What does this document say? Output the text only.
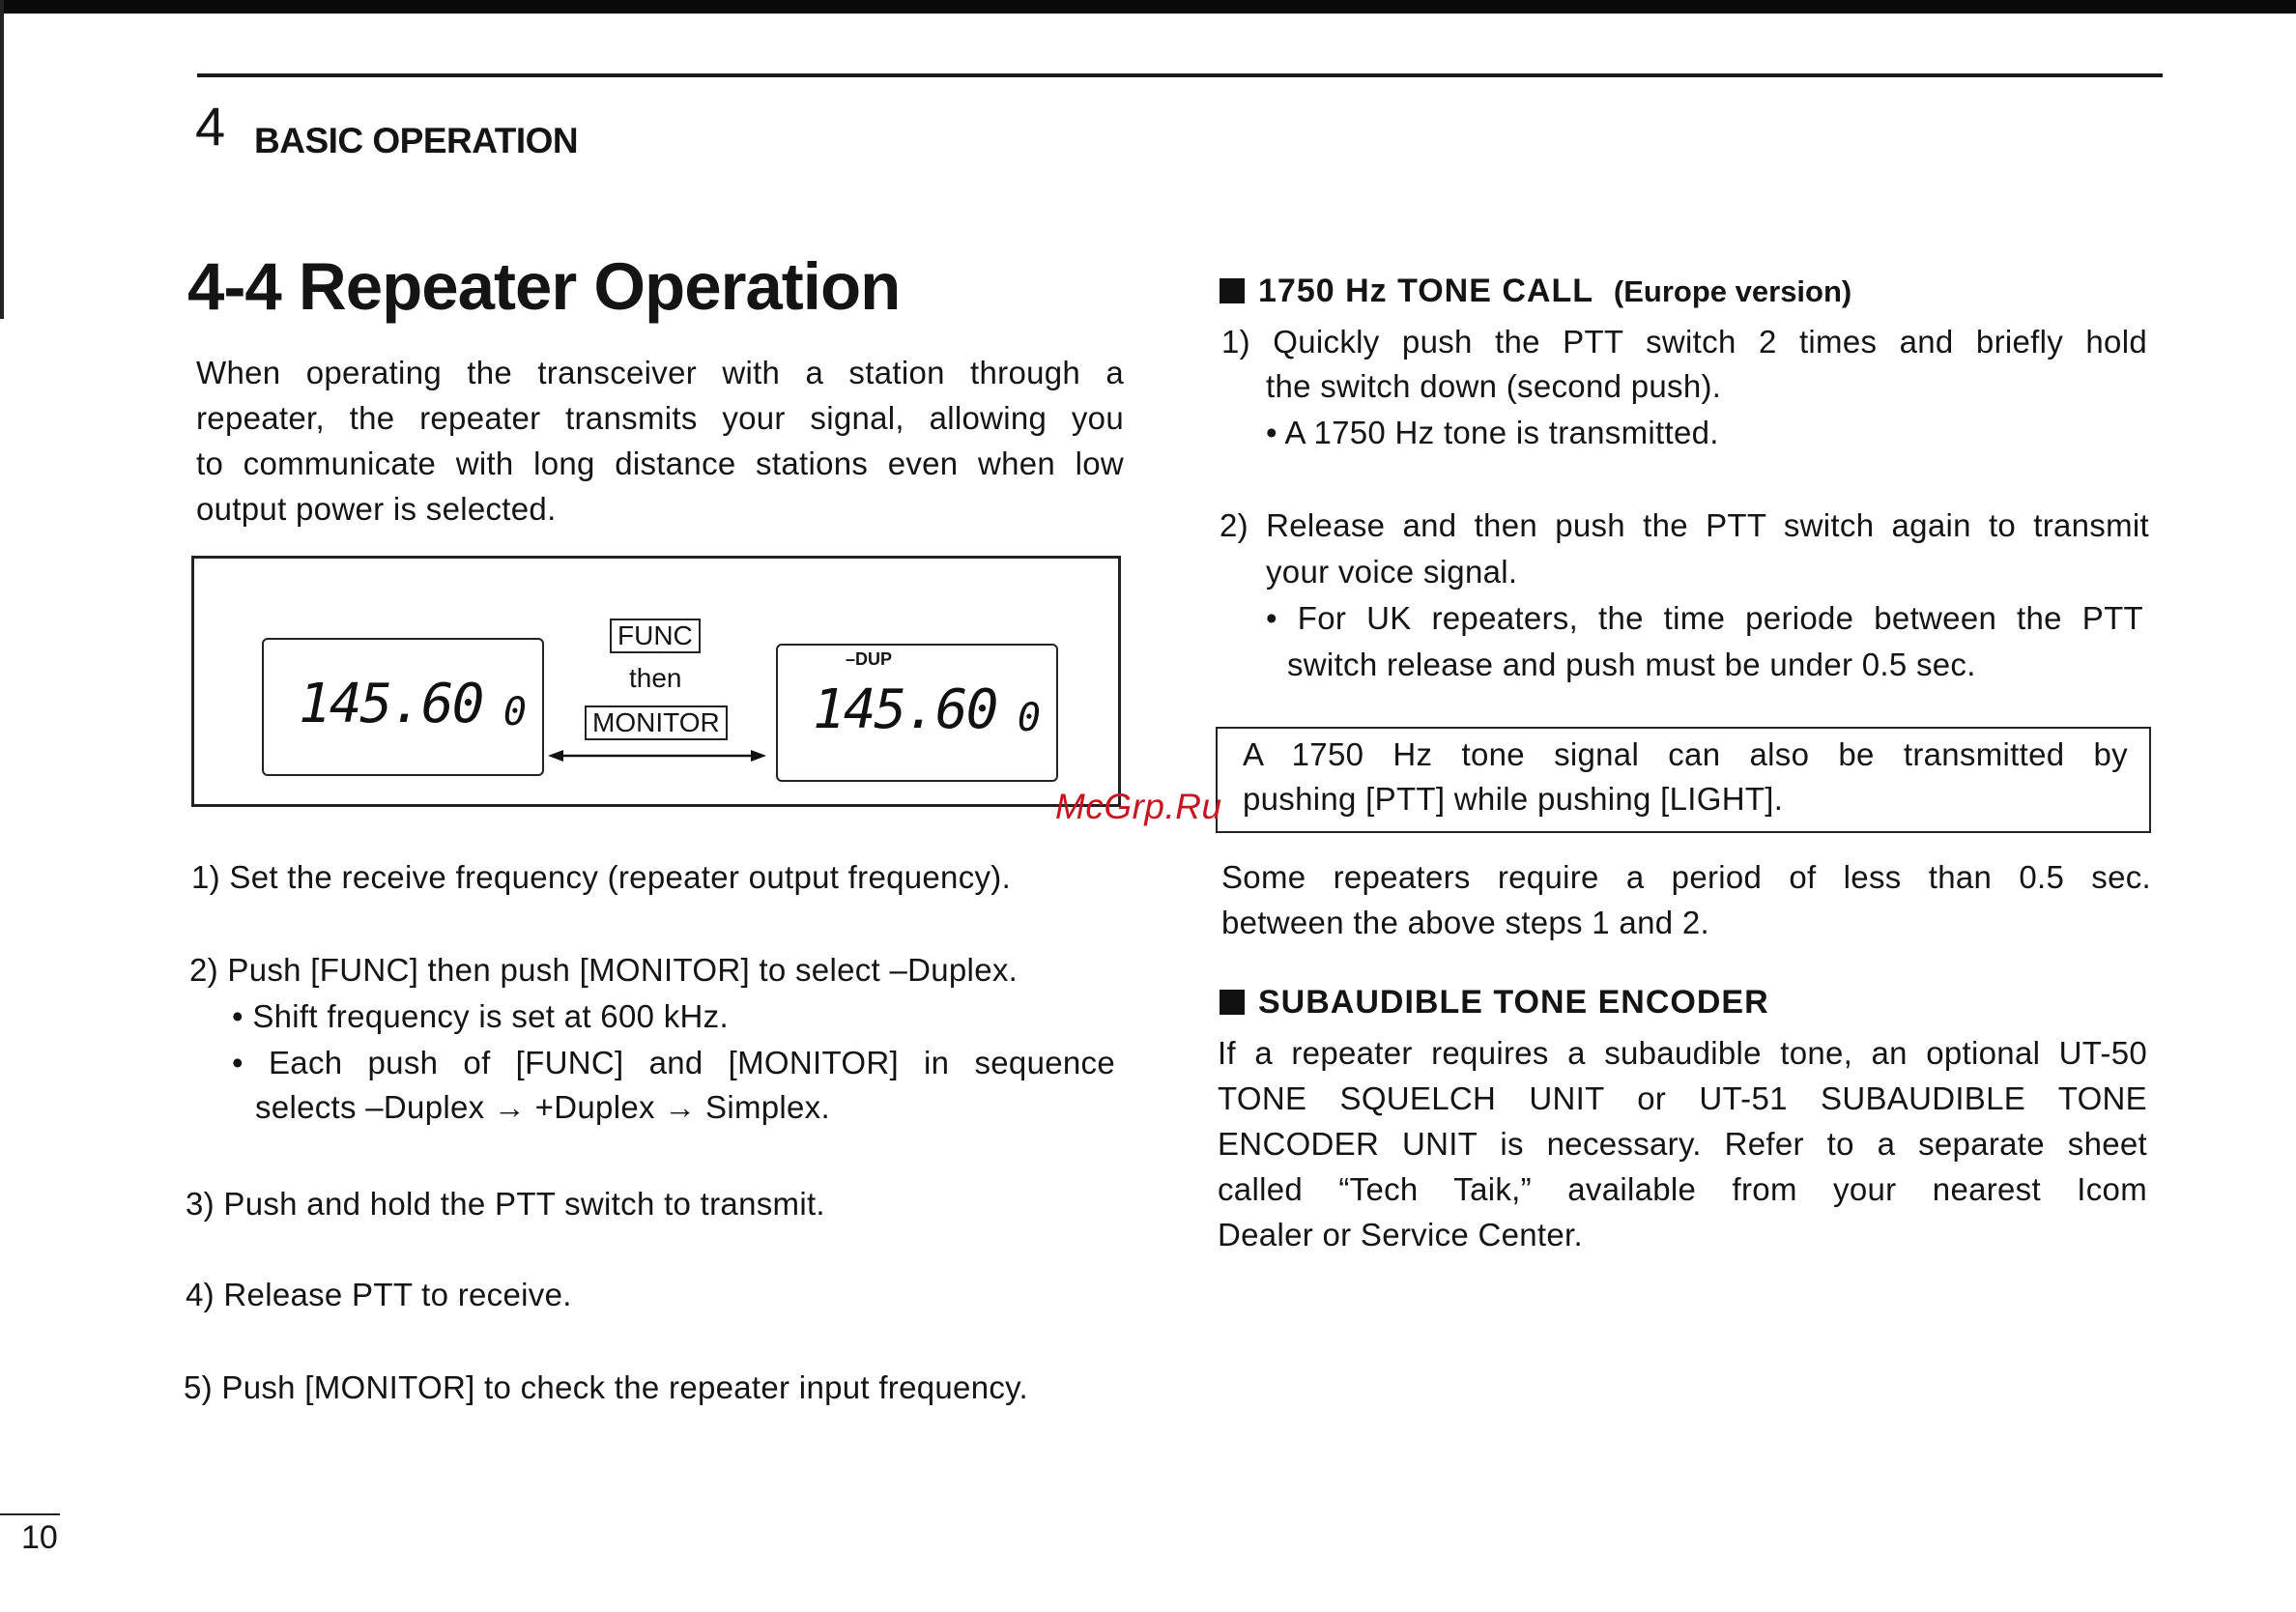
4 BASIC OPERATION
4-4 Repeater Operation
When operating the transceiver with a station through a
repeater, the repeater transmits your signal, allowing you
to communicate with long distance stations even when low
output power is selected.
145.60 0
FUNC
then
MONITOR
–DUP
145.60 0
1) Set the receive frequency (repeater output frequency).
2) Push [FUNC] then push [MONITOR] to select –Duplex.
• Shift frequency is set at 600 kHz.
• Each push of [FUNC] and [MONITOR] in sequence
selects –Duplex → +Duplex → Simplex.
3) Push and hold the PTT switch to transmit.
4) Release PTT to receive.
5) Push [MONITOR] to check the repeater input frequency.
1750 Hz TONE CALL (Europe version)
1) Quickly push the PTT switch 2 times and briefly hold
the switch down (second push).
• A 1750 Hz tone is transmitted.
2) Release and then push the PTT switch again to transmit
your voice signal.
• For UK repeaters, the time periode between the PTT
switch release and push must be under 0.5 sec.
A 1750 Hz tone signal can also be transmitted by
pushing [PTT] while pushing [LIGHT].
McGrp.Ru
Some repeaters require a period of less than 0.5 sec.
between the above steps 1 and 2.
SUBAUDIBLE TONE ENCODER
If a repeater requires a subaudible tone, an optional UT-50
TONE SQUELCH UNIT or UT-51 SUBAUDIBLE TONE
ENCODER UNIT is necessary. Refer to a separate sheet
called “Tech Taik,” available from your nearest Icom
Dealer or Service Center.
10
